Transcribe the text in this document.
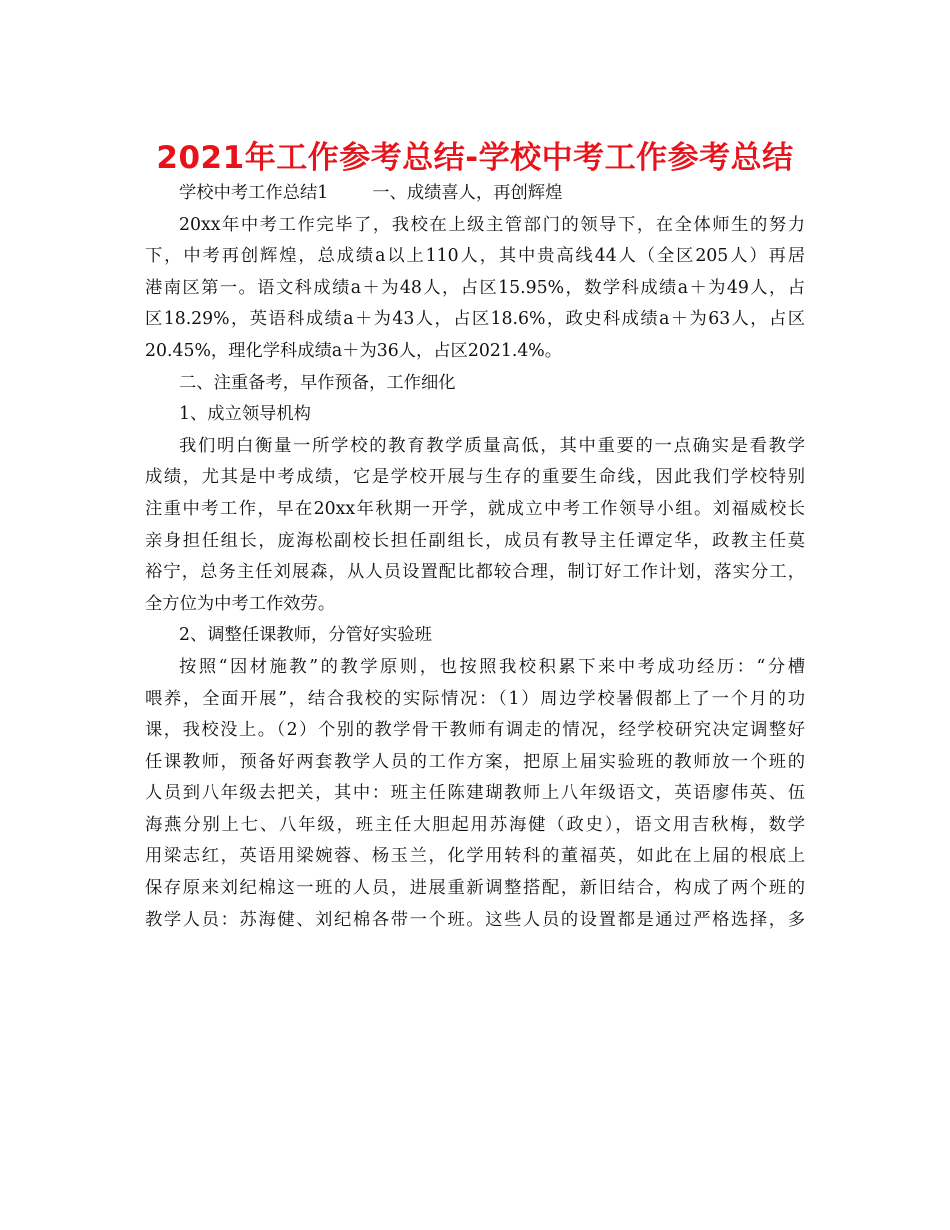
2021年工作参考总结-学校中考工作参考总结
学校中考工作总结1	一、成绩喜人，再创辉煌
20xx年中考工作完毕了，我校在上级主管部门的领导下，在全体师生的努力
下，中考再创辉煌，总成绩a以上110人，其中贵高线44人（全区205人）再居
港南区第一。语文科成绩a＋为48人，占区15.95%，数学科成绩a＋为49人，占
区18.29%，英语科成绩a＋为43人，占区18.6%，政史科成绩a＋为63人，占区
20.45%，理化学科成绩a＋为36人，占区2021.4%。
二、注重备考，早作预备，工作细化
1、成立领导机构
我们明白衡量一所学校的教育教学质量高低，其中重要的一点确实是看教学
成绩，尤其是中考成绩，它是学校开展与生存的重要生命线，因此我们学校特别
注重中考工作，早在20xx年秋期一开学，就成立中考工作领导小组。刘福威校长
亲身担任组长，庞海松副校长担任副组长，成员有教导主任谭定华，政教主任莫
裕宁，总务主任刘展森，从人员设置配比都较合理，制订好工作计划，落实分工，
全方位为中考工作效劳。
2、调整任课教师，分管好实验班
按照“因材施教”的教学原则，也按照我校积累下来中考成功经历：“分槽
喂养，全面开展”，结合我校的实际情况：（1）周边学校暑假都上了一个月的功
课，我校没上。（2）个别的教学骨干教师有调走的情况，经学校研究决定调整好
任课教师，预备好两套教学人员的工作方案，把原上届实验班的教师放一个班的
人员到八年级去把关，其中：班主任陈建瑚教师上八年级语文，英语廖伟英、伍
海燕分别上七、八年级，班主任大胆起用苏海健（政史），语文用吉秋梅，数学
用梁志红，英语用梁婉蓉、杨玉兰，化学用转科的董福英，如此在上届的根底上
保存原来刘纪棉这一班的人员，进展重新调整搭配，新旧结合，构成了两个班的
教学人员：苏海健、刘纪棉各带一个班。这些人员的设置都是通过严格选择，多
